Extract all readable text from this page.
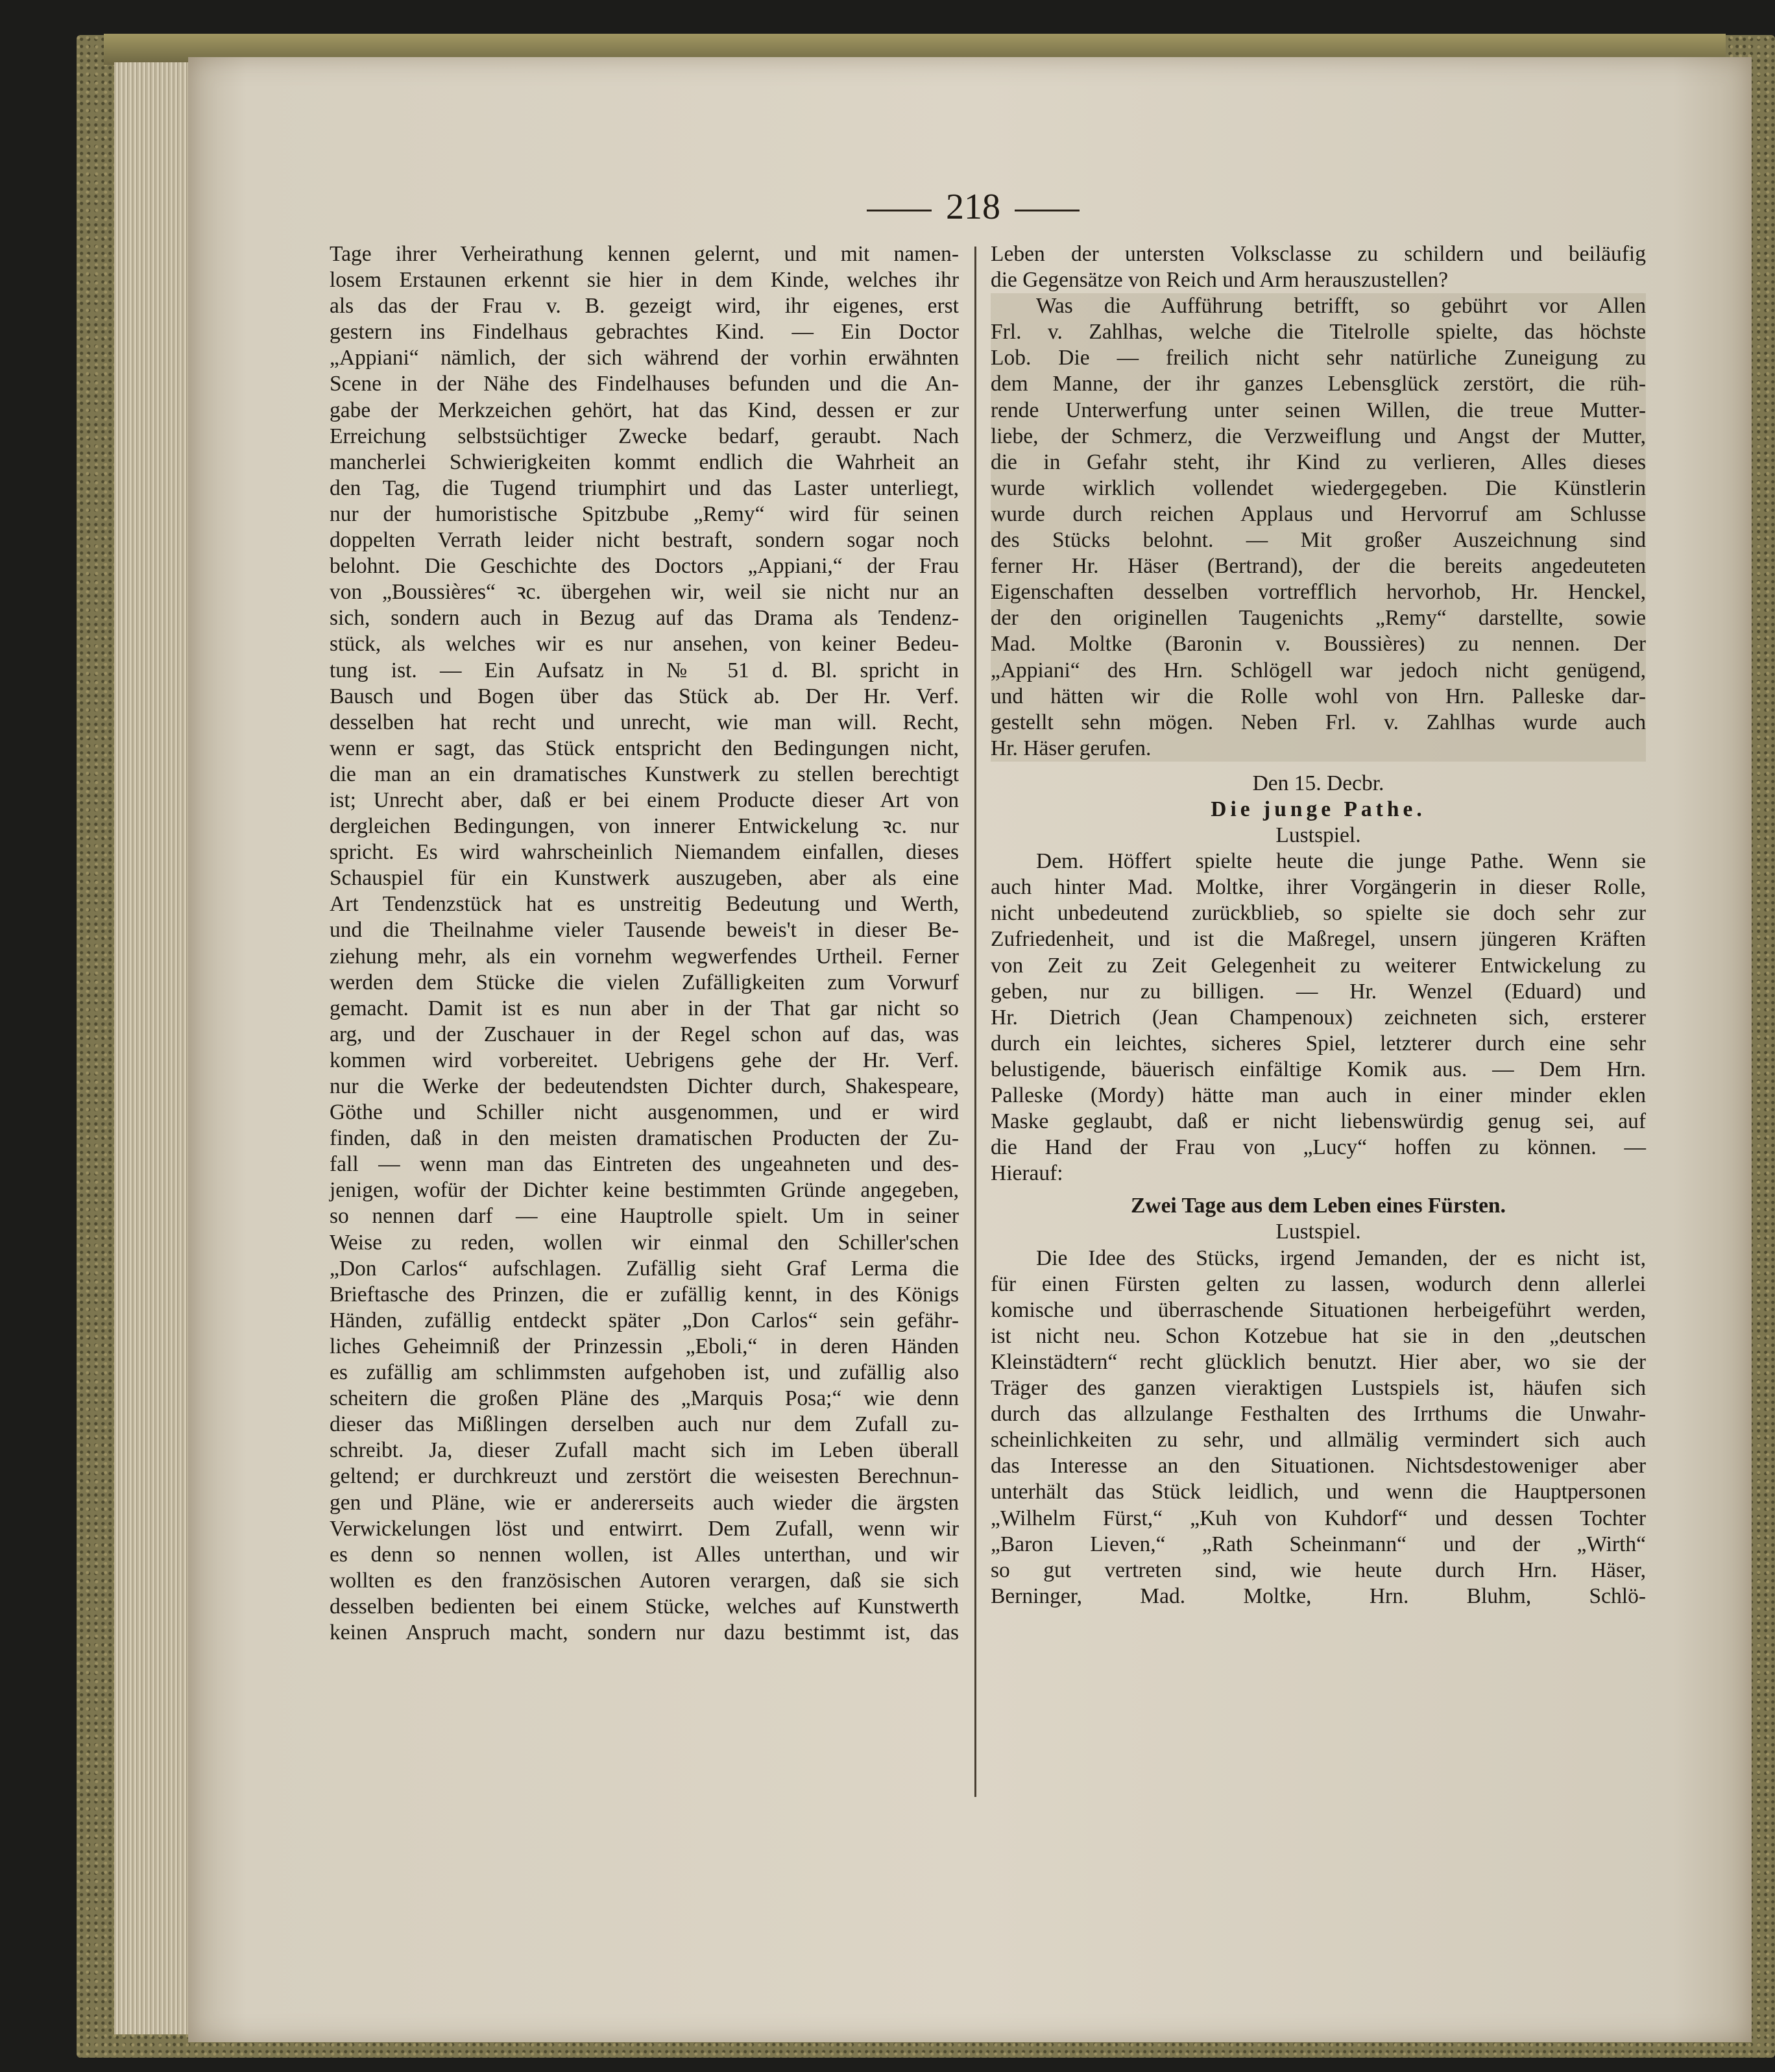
218

Tage ihrer Verheirathung kennen gelernt, und mit namen-

losem Erstaunen erkennt sie hier in dem Kinde, welches ihr

als das der Frau v. B. gezeigt wird, ihr eigenes, erst

gestern ins Findelhaus gebrachtes Kind. — Ein Doctor

„Appiani“ nämlich, der sich während der vorhin erwähnten

Scene in der Nähe des Findelhauses befunden und die An-

gabe der Merkzeichen gehört, hat das Kind, dessen er zur

Erreichung selbstsüchtiger Zwecke bedarf, geraubt. Nach

mancherlei Schwierigkeiten kommt endlich die Wahrheit an

den Tag, die Tugend triumphirt und das Laster unterliegt,

nur der humoristische Spitzbube „Remy“ wird für seinen

doppelten Verrath leider nicht bestraft, sondern sogar noch

belohnt. Die Geschichte des Doctors „Appiani,“ der Frau

von „Boussières“ ꝛc. übergehen wir, weil sie nicht nur an

sich, sondern auch in Bezug auf das Drama als Tendenz-

stück, als welches wir es nur ansehen, von keiner Bedeu-

tung ist. — Ein Aufsatz in № 51 d. Bl. spricht in

Bausch und Bogen über das Stück ab. Der Hr. Verf.

desselben hat recht und unrecht, wie man will. Recht,

wenn er sagt, das Stück entspricht den Bedingungen nicht,

die man an ein dramatisches Kunstwerk zu stellen berechtigt

ist; Unrecht aber, daß er bei einem Producte dieser Art von

dergleichen Bedingungen, von innerer Entwickelung ꝛc. nur

spricht. Es wird wahrscheinlich Niemandem einfallen, dieses

Schauspiel für ein Kunstwerk auszugeben, aber als eine

Art Tendenzstück hat es unstreitig Bedeutung und Werth,

und die Theilnahme vieler Tausende beweis't in dieser Be-

ziehung mehr, als ein vornehm wegwerfendes Urtheil. Ferner

werden dem Stücke die vielen Zufälligkeiten zum Vorwurf

gemacht. Damit ist es nun aber in der That gar nicht so

arg, und der Zuschauer in der Regel schon auf das, was

kommen wird vorbereitet. Uebrigens gehe der Hr. Verf.

nur die Werke der bedeutendsten Dichter durch, Shakespeare,

Göthe und Schiller nicht ausgenommen, und er wird

finden, daß in den meisten dramatischen Producten der Zu-

fall — wenn man das Eintreten des ungeahneten und des-

jenigen, wofür der Dichter keine bestimmten Gründe angegeben,

so nennen darf — eine Hauptrolle spielt. Um in seiner

Weise zu reden, wollen wir einmal den Schiller'schen

„Don Carlos“ aufschlagen. Zufällig sieht Graf Lerma die

Brieftasche des Prinzen, die er zufällig kennt, in des Königs

Händen, zufällig entdeckt später „Don Carlos“ sein gefähr-

liches Geheimniß der Prinzessin „Eboli,“ in deren Händen

es zufällig am schlimmsten aufgehoben ist, und zufällig also

scheitern die großen Pläne des „Marquis Posa;“ wie denn

dieser das Mißlingen derselben auch nur dem Zufall zu-

schreibt. Ja, dieser Zufall macht sich im Leben überall

geltend; er durchkreuzt und zerstört die weisesten Berechnun-

gen und Pläne, wie er andererseits auch wieder die ärgsten

Verwickelungen löst und entwirrt. Dem Zufall, wenn wir

es denn so nennen wollen, ist Alles unterthan, und wir

wollten es den französischen Autoren verargen, daß sie sich

desselben bedienten bei einem Stücke, welches auf Kunstwerth

keinen Anspruch macht, sondern nur dazu bestimmt ist, das

Leben der untersten Volksclasse zu schildern und beiläufig

die Gegensätze von Reich und Arm herauszustellen?

Was die Aufführung betrifft, so gebührt vor Allen

Frl. v. Zahlhas, welche die Titelrolle spielte, das höchste

Lob. Die — freilich nicht sehr natürliche Zuneigung zu

dem Manne, der ihr ganzes Lebensglück zerstört, die rüh-

rende Unterwerfung unter seinen Willen, die treue Mutter-

liebe, der Schmerz, die Verzweiflung und Angst der Mutter,

die in Gefahr steht, ihr Kind zu verlieren, Alles dieses

wurde wirklich vollendet wiedergegeben. Die Künstlerin

wurde durch reichen Applaus und Hervorruf am Schlusse

des Stücks belohnt. — Mit großer Auszeichnung sind

ferner Hr. Häser (Bertrand), der die bereits angedeuteten

Eigenschaften desselben vortrefflich hervorhob, Hr. Henckel,

der den originellen Taugenichts „Remy“ darstellte, sowie

Mad. Moltke (Baronin v. Boussières) zu nennen. Der

„Appiani“ des Hrn. Schlögell war jedoch nicht genügend,

und hätten wir die Rolle wohl von Hrn. Palleske dar-

gestellt sehn mögen. Neben Frl. v. Zahlhas wurde auch

Hr. Häser gerufen.

Den 15. Decbr.

Die junge Pathe.

Lustspiel.

Dem. Höffert spielte heute die junge Pathe. Wenn sie

auch hinter Mad. Moltke, ihrer Vorgängerin in dieser Rolle,

nicht unbedeutend zurückblieb, so spielte sie doch sehr zur

Zufriedenheit, und ist die Maßregel, unsern jüngeren Kräften

von Zeit zu Zeit Gelegenheit zu weiterer Entwickelung zu

geben, nur zu billigen. — Hr. Wenzel (Eduard) und

Hr. Dietrich (Jean Champenoux) zeichneten sich, ersterer

durch ein leichtes, sicheres Spiel, letzterer durch eine sehr

belustigende, bäuerisch einfältige Komik aus. — Dem Hrn.

Palleske (Mordy) hätte man auch in einer minder eklen

Maske geglaubt, daß er nicht liebenswürdig genug sei, auf

die Hand der Frau von „Lucy“ hoffen zu können. —

Hierauf:

Zwei Tage aus dem Leben eines Fürsten.

Lustspiel.

Die Idee des Stücks, irgend Jemanden, der es nicht ist,

für einen Fürsten gelten zu lassen, wodurch denn allerlei

komische und überraschende Situationen herbeigeführt werden,

ist nicht neu. Schon Kotzebue hat sie in den „deutschen

Kleinstädtern“ recht glücklich benutzt. Hier aber, wo sie der

Träger des ganzen vieraktigen Lustspiels ist, häufen sich

durch das allzulange Festhalten des Irrthums die Unwahr-

scheinlichkeiten zu sehr, und allmälig vermindert sich auch

das Interesse an den Situationen. Nichtsdestoweniger aber

unterhält das Stück leidlich, und wenn die Hauptpersonen

„Wilhelm Fürst,“ „Kuh von Kuhdorf“ und dessen Tochter

„Baron Lieven,“ „Rath Scheinmann“ und der „Wirth“

so gut vertreten sind, wie heute durch Hrn. Häser,

Berninger, Mad. Moltke, Hrn. Bluhm, Schlö-
